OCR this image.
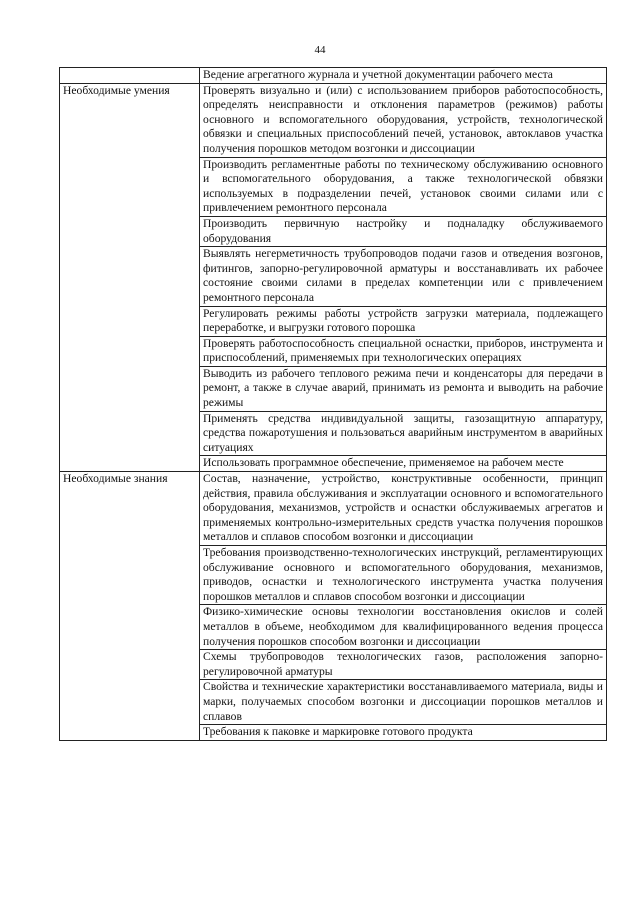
44
	Ведение агрегатного журнала и учетной документации рабочего места
Необходимые умения	Проверять визуально и (или) с использованием приборов работоспособность, определять неисправности и отклонения параметров (режимов) работы основного и вспомогательного оборудования, устройств, технологической обвязки и специальных приспособлений печей, установок, автоклавов участка получения порошков методом возгонки и диссоциации
	Производить регламентные работы по техническому обслуживанию основного и вспомогательного оборудования, а также технологической обвязки используемых в подразделении печей, установок своими силами или с привлечением ремонтного персонала
	Производить первичную настройку и подналадку обслуживаемого оборудования
	Выявлять негерметичность трубопроводов подачи газов и отведения возгонов, фитингов, запорно-регулировочной арматуры и восстанавливать их рабочее состояние своими силами в пределах компетенции или с привлечением ремонтного персонала
	Регулировать режимы работы устройств загрузки материала, подлежащего переработке, и выгрузки готового порошка
	Проверять работоспособность специальной оснастки, приборов, инструмента и приспособлений, применяемых при технологических операциях
	Выводить из рабочего теплового режима печи и конденсаторы для передачи в ремонт, а также в случае аварий, принимать из ремонта и выводить на рабочие режимы
	Применять средства индивидуальной защиты, газозащитную аппаратуру, средства пожаротушения и пользоваться аварийным инструментом в аварийных ситуациях
	Использовать программное обеспечение, применяемое на рабочем месте
Необходимые знания	Состав, назначение, устройство, конструктивные особенности, принцип действия, правила обслуживания и эксплуатации основного и вспомогательного оборудования, механизмов, устройств и оснастки обслуживаемых агрегатов и применяемых контрольно-измерительных средств участка получения порошков металлов и сплавов способом возгонки и диссоциации
	Требования производственно-технологических инструкций, регламентирующих обслуживание основного и вспомогательного оборудования, механизмов, приводов, оснастки и технологического инструмента участка получения порошков металлов и сплавов способом возгонки и диссоциации
	Физико-химические основы технологии восстановления окислов и солей металлов в объеме, необходимом для квалифицированного ведения процесса получения порошков способом возгонки и диссоциации
	Схемы трубопроводов технологических газов, расположения запорно-регулировочной арматуры
	Свойства и технические характеристики восстанавливаемого материала, виды и марки, получаемых способом возгонки и диссоциации порошков металлов и сплавов
	Требования к паковке и маркировке готового продукта
